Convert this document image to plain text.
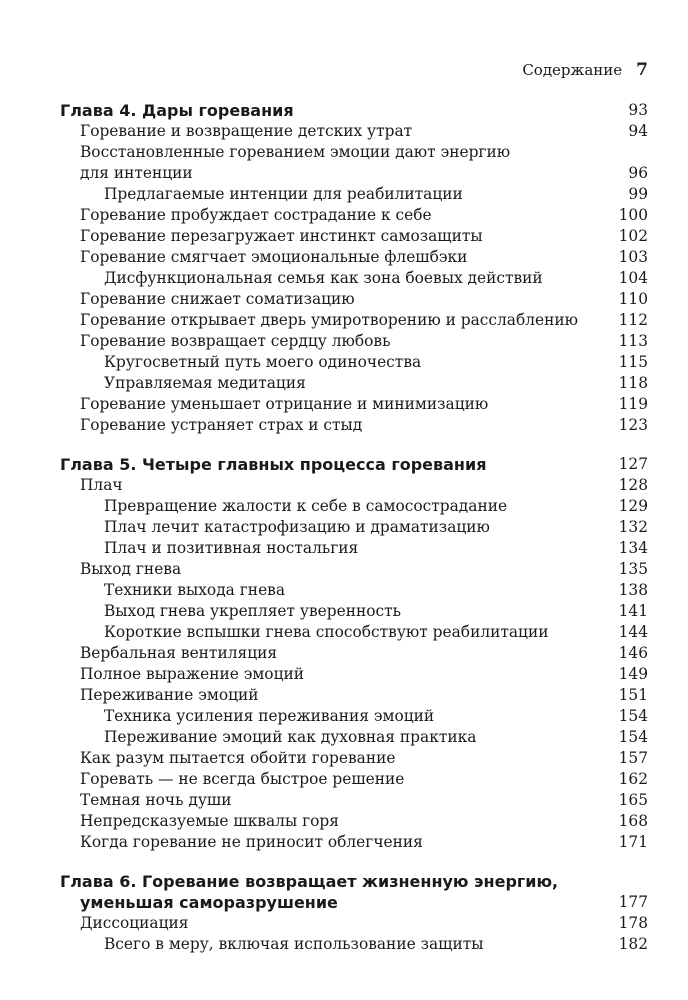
Содержание 7
Глава 4. Дары горевания	93
Горевание и возвращение детских утрат	94
Восстановленные гореванием эмоции дают энергию
для интенции	96
Предлагаемые интенции для реабилитации	99
Горевание пробуждает сострадание к себе	100
Горевание перезагружает инстинкт самозащиты	102
Горевание смягчает эмоциональные флешбэки	103
Дисфункциональная семья как зона боевых действий	104
Горевание снижает соматизацию	110
Горевание открывает дверь умиротворению и расслаблению	112
Горевание возвращает сердцу любовь	113
Кругосветный путь моего одиночества	115
Управляемая медитация	118
Горевание уменьшает отрицание и минимизацию	119
Горевание устраняет страх и стыд	123
Глава 5. Четыре главных процесса горевания	127
Плач	128
Превращение жалости к себе в самосострадание	129
Плач лечит катастрофизацию и драматизацию	132
Плач и позитивная ностальгия	134
Выход гнева	135
Техники выхода гнева	138
Выход гнева укрепляет уверенность	141
Короткие вспышки гнева способствуют реабилитации	144
Вербальная вентиляция	146
Полное выражение эмоций	149
Переживание эмоций	151
Техника усиления переживания эмоций	154
Переживание эмоций как духовная практика	154
Как разум пытается обойти горевание	157
Горевать — не всегда быстрое решение	162
Темная ночь души	165
Непредсказуемые шквалы горя	168
Когда горевание не приносит облегчения	171
Глава 6. Горевание возвращает жизненную энергию,
уменьшая саморазрушение	177
Диссоциация	178
Всего в меру, включая использование защиты	182
